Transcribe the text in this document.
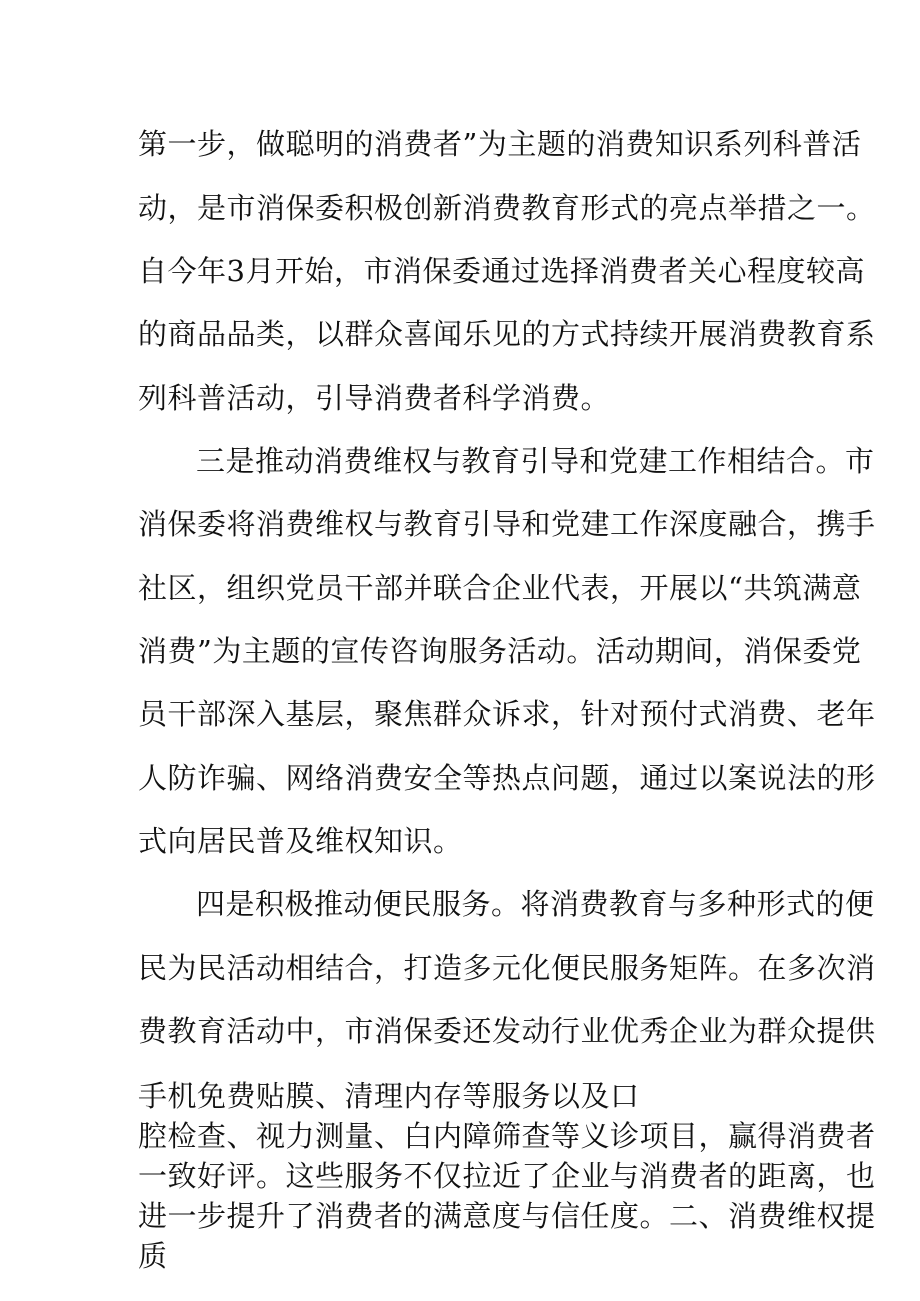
第一步，做聪明的消费者”为主题的消费知识系列科普活
动，是市消保委积极创新消费教育形式的亮点举措之一。
自今年3月开始，市消保委通过选择消费者关心程度较高
的商品品类，以群众喜闻乐见的方式持续开展消费教育系
列科普活动，引导消费者科学消费。
三是推动消费维权与教育引导和党建工作相结合。市
消保委将消费维权与教育引导和党建工作深度融合，携手
社区，组织党员干部并联合企业代表，开展以“共筑满意
消费”为主题的宣传咨询服务活动。活动期间，消保委党
员干部深入基层，聚焦群众诉求，针对预付式消费、老年
人防诈骗、网络消费安全等热点问题，通过以案说法的形
式向居民普及维权知识。
四是积极推动便民服务。将消费教育与多种形式的便
民为民活动相结合，打造多元化便民服务矩阵。在多次消
费教育活动中，市消保委还发动行业优秀企业为群众提供
手机免费贴膜、清理内存等服务以及口
腔检查、视力测量、白内障筛查等义诊项目，赢得消费者
一致好评。这些服务不仅拉近了企业与消费者的距离，也
进一步提升了消费者的满意度与信任度。二、消费维权提
质
